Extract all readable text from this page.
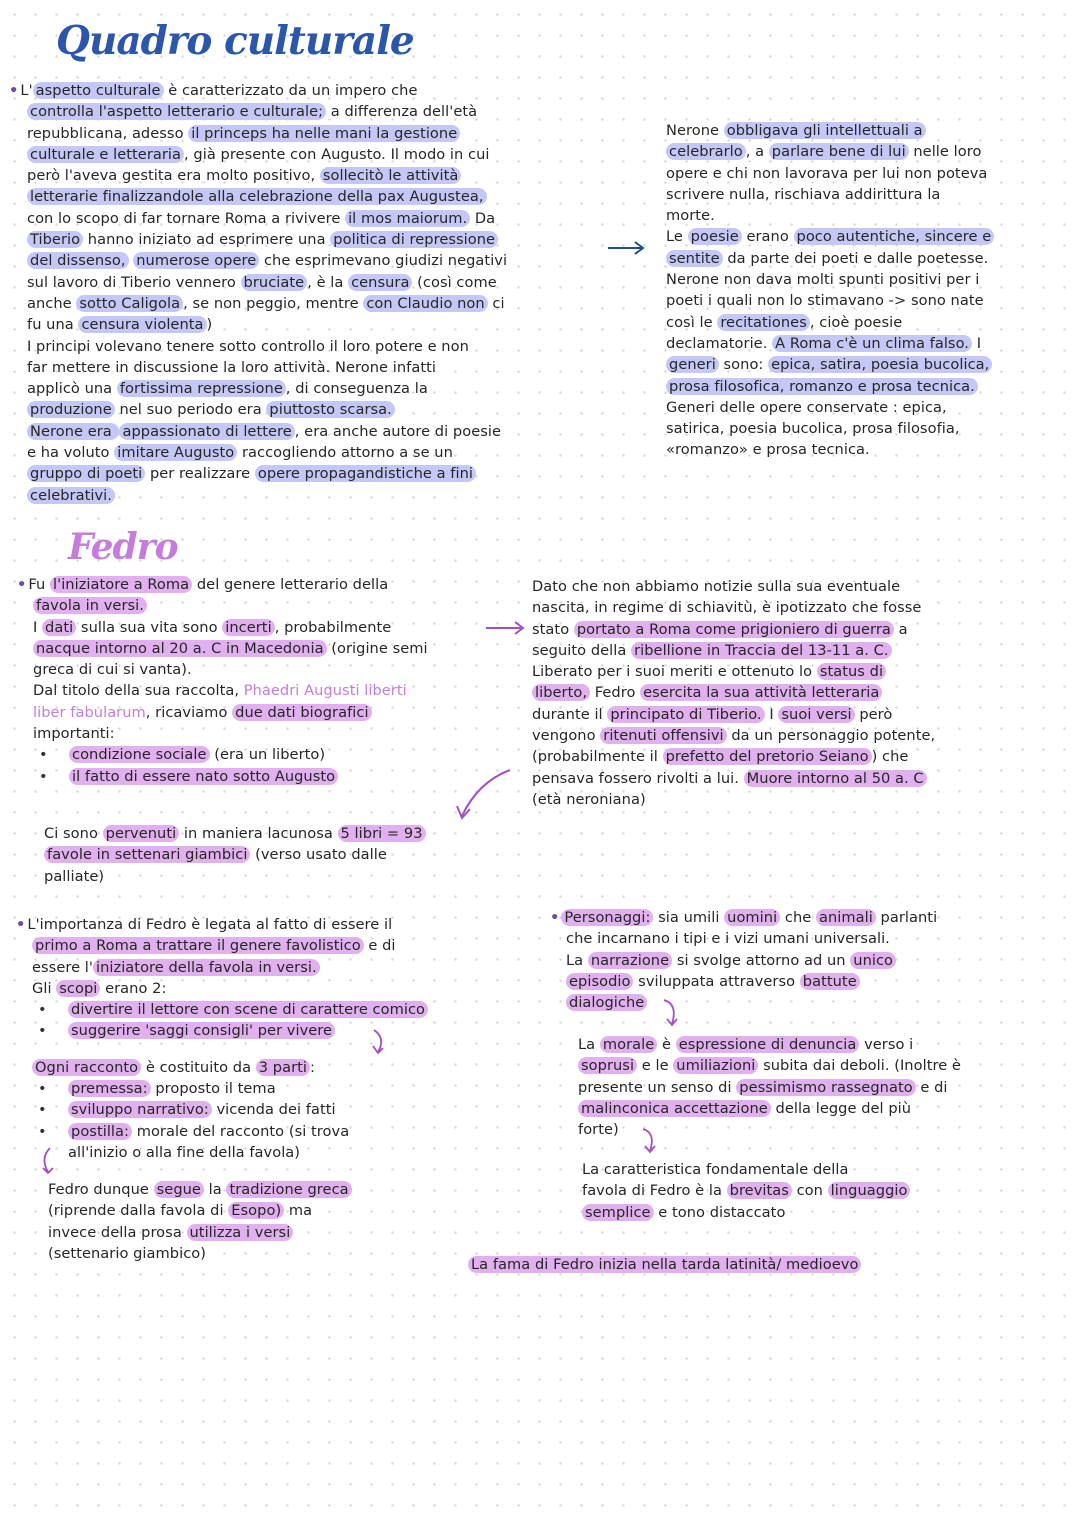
Quadro culturale
• L' aspetto culturale è caratterizzato da un impero che
controlla l'aspetto letterario e culturale; a differenza dell'età
repubblicana, adesso il princeps ha nelle mani la gestione
culturale e letteraria , già presente con Augusto. Il modo in cui
però l'aveva gestita era molto positivo, sollecitò le attività
letterarie finalizzandole alla celebrazione della pax Augustea,
con lo scopo di far tornare Roma a rivivere il mos maiorum. Da
Tiberio hanno iniziato ad esprimere una politica di repressione
del dissenso, numerose opere che esprimevano giudizi negativi
sul lavoro di Tiberio vennero bruciate , è la censura (così come
anche sotto Caligola , se non peggio, mentre con Claudio non ci
fu una censura violenta )
I principi volevano tenere sotto controllo il loro potere e non
far mettere in discussione la loro attività. Nerone infatti
applicò una fortissima repressione , di conseguenza la
produzione nel suo periodo era piuttosto scarsa.
Nerone era appassionato di lettere , era anche autore di poesie
e ha voluto imitare Augusto raccogliendo attorno a se un
gruppo di poeti per realizzare opere propagandistiche a fini
celebrativi.
Nerone obbligava gli intellettuali a
celebrarlo , a parlare bene di lui nelle loro
opere e chi non lavorava per lui non poteva
scrivere nulla, rischiava addirittura la
morte.
Le poesie erano poco autentiche, sincere e
sentite da parte dei poeti e dalle poetesse.
Nerone non dava molti spunti positivi per i
poeti i quali non lo stimavano -> sono nate
così le recitationes , cioè poesie
declamatorie. A Roma c'è un clima falso. I
generi sono: epica, satira, poesia bucolica,
prosa filosofica, romanzo e prosa tecnica.
Generi delle opere conservate : epica,
satirica, poesia bucolica, prosa filosofia,
«romanzo» e prosa tecnica.
Fedro
• Fu l'iniziatore a Roma del genere letterario della
favola in versi.
I dati sulla sua vita sono incerti , probabilmente
nacque intorno al 20 a. C in Macedonia (origine semi
greca di cui si vanta).
Dal titolo della sua raccolta, Phaedri Augusti liberti
liber fabularum, ricaviamo due dati biografici
importanti:
• condizione sociale (era un liberto)
• il fatto di essere nato sotto Augusto
Dato che non abbiamo notizie sulla sua eventuale
nascita, in regime di schiavitù, è ipotizzato che fosse
stato portato a Roma come prigioniero di guerra a
seguito della ribellione in Traccia del 13-11 a. C.
Liberato per i suoi meriti e ottenuto lo status di
liberto, Fedro esercita la sua attività letteraria
durante il principato di Tiberio. I suoi versi però
vengono ritenuti offensivi da un personaggio potente,
(probabilmente il prefetto del pretorio Seiano ) che
pensava fossero rivolti a lui. Muore intorno al 50 a. C
(età neroniana)
Ci sono pervenuti in maniera lacunosa 5 libri = 93
favole in settenari giambici (verso usato dalle
palliate)
• L'importanza di Fedro è legata al fatto di essere il
primo a Roma a trattare il genere favolistico e di
essere l' iniziatore della favola in versi.
Gli scopi erano 2:
• divertire il lettore con scene di carattere comico
• suggerire 'saggi consigli' per vivere
Ogni racconto è costituito da 3 parti :
• premessa: proposto il tema
• sviluppo narrativo: vicenda dei fatti
• postilla: morale del racconto (si trova
all'inizio o alla fine della favola)
Fedro dunque segue la tradizione greca
(riprende dalla favola di Esopo) ma
invece della prosa utilizza i versi
(settenario giambico)
• Personaggi: sia umili uomini che animali parlanti
che incarnano i tipi e i vizi umani universali.
La narrazione si svolge attorno ad un unico
episodio sviluppata attraverso battute
dialogiche
La morale è espressione di denuncia verso i
soprusi e le umiliazioni subita dai deboli. (Inoltre è
presente un senso di pessimismo rassegnato e di
malinconica accettazione della legge del più
forte)
La caratteristica fondamentale della
favola di Fedro è la brevitas con linguaggio
semplice e tono distaccato
La fama di Fedro inizia nella tarda latinità/ medioevo
